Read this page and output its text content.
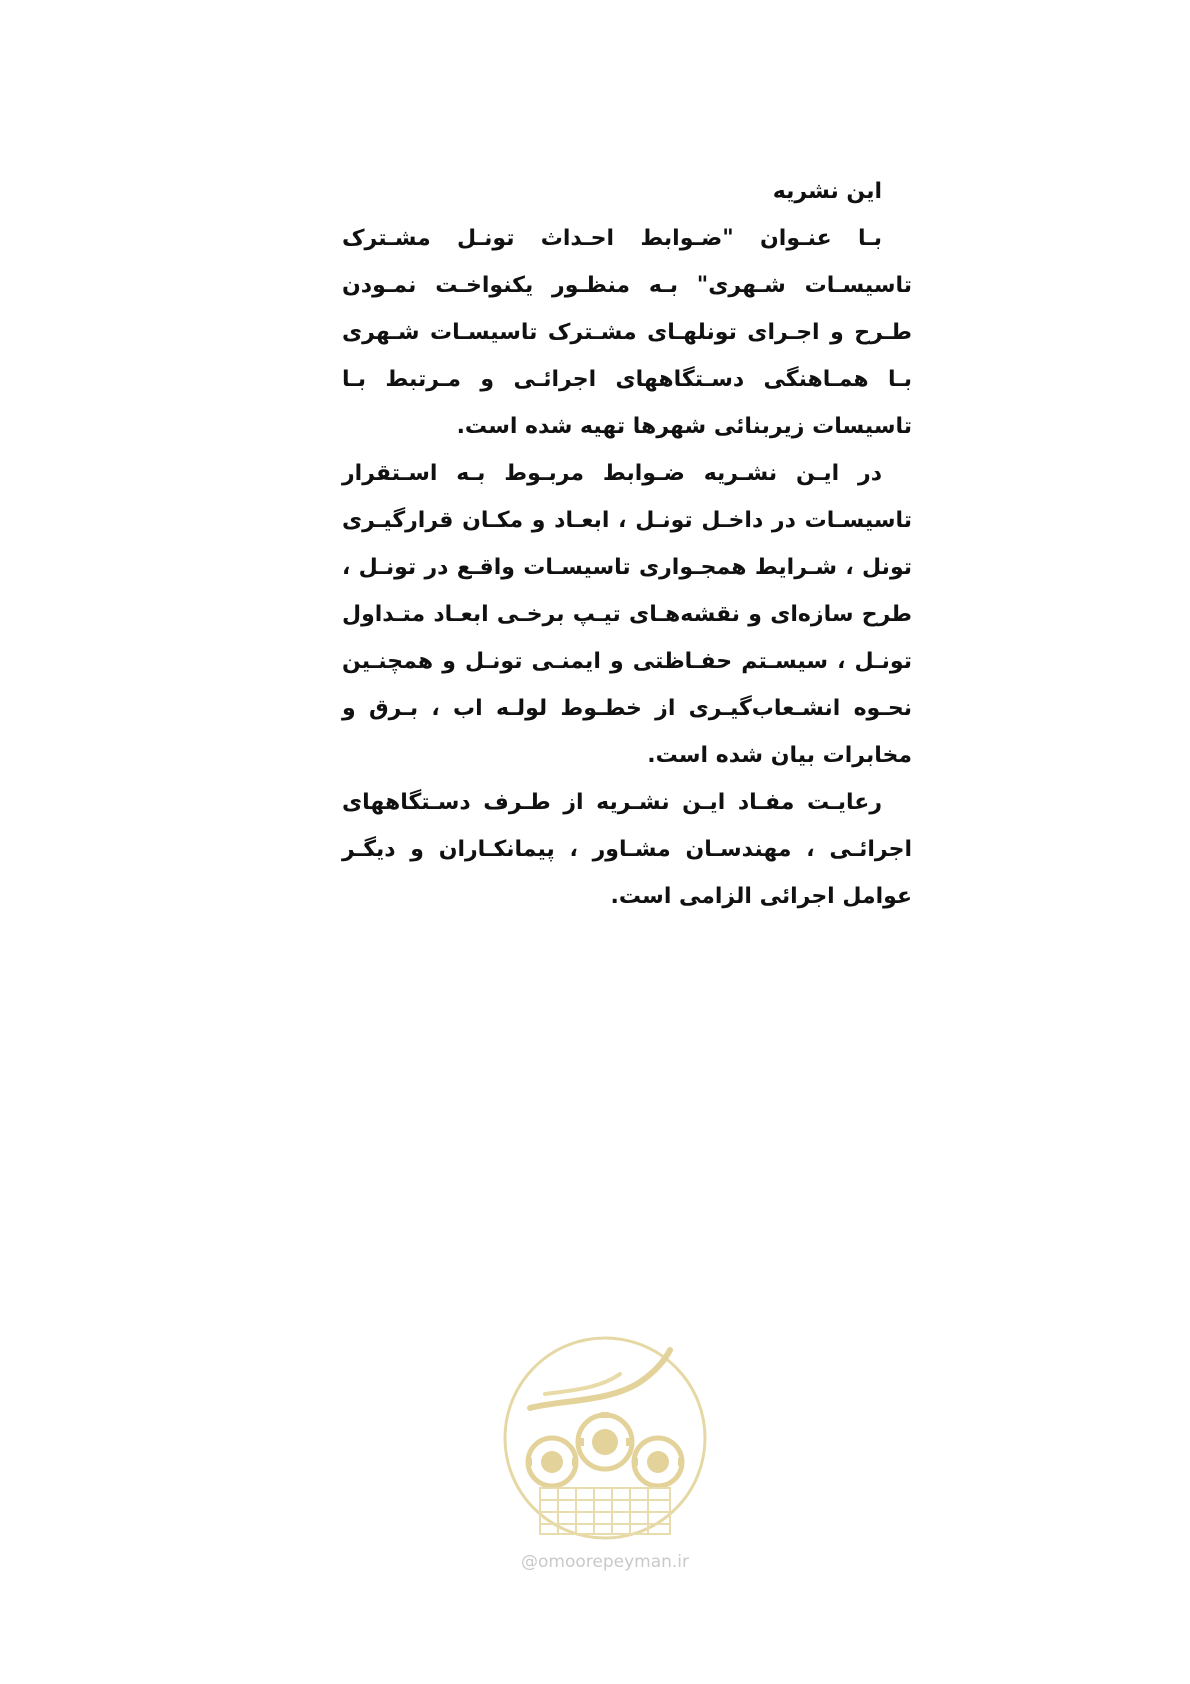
این نشریه

بـا عنـوان "ضـوابط احـداث تونـل مشـترک تاسیسـات شـهری" بـه منظـور یکنواخـت نمـودن طـرح و اجـرای تونلهـای مشـترک تاسیسـات شـهری بـا همـاهنگی دسـتگاههای اجرائـی و مـرتبط بـا تاسیسات زیربنائی شهرها تهیه شده است.

در ایـن نشـریه ضـوابط مربـوط بـه اسـتقرار تاسیسـات در داخـل تونـل ، ابعـاد و مکـان قرارگیـری تونل ، شـرایط همجـواری تاسیسـات واقـع در تونـل ، طرح سازه‌ای و نقشه‌هـای تیـپ برخـی ابعـاد متـداول تونـل ، سیسـتم حفـاظتی و ایمنـی تونـل و همچنـین نحـوه انشـعاب‌گیـری از خطـوط لولـه اب ، بـرق و مخابرات بیان شده است.

رعایـت مفـاد ایـن نشـریه از طـرف دسـتگاههای اجرائـی ، مهندسـان مشـاور ، پیمانکـاران و دیگـر عوامل اجرائی الزامی است.

@omoorepeyman.ir
